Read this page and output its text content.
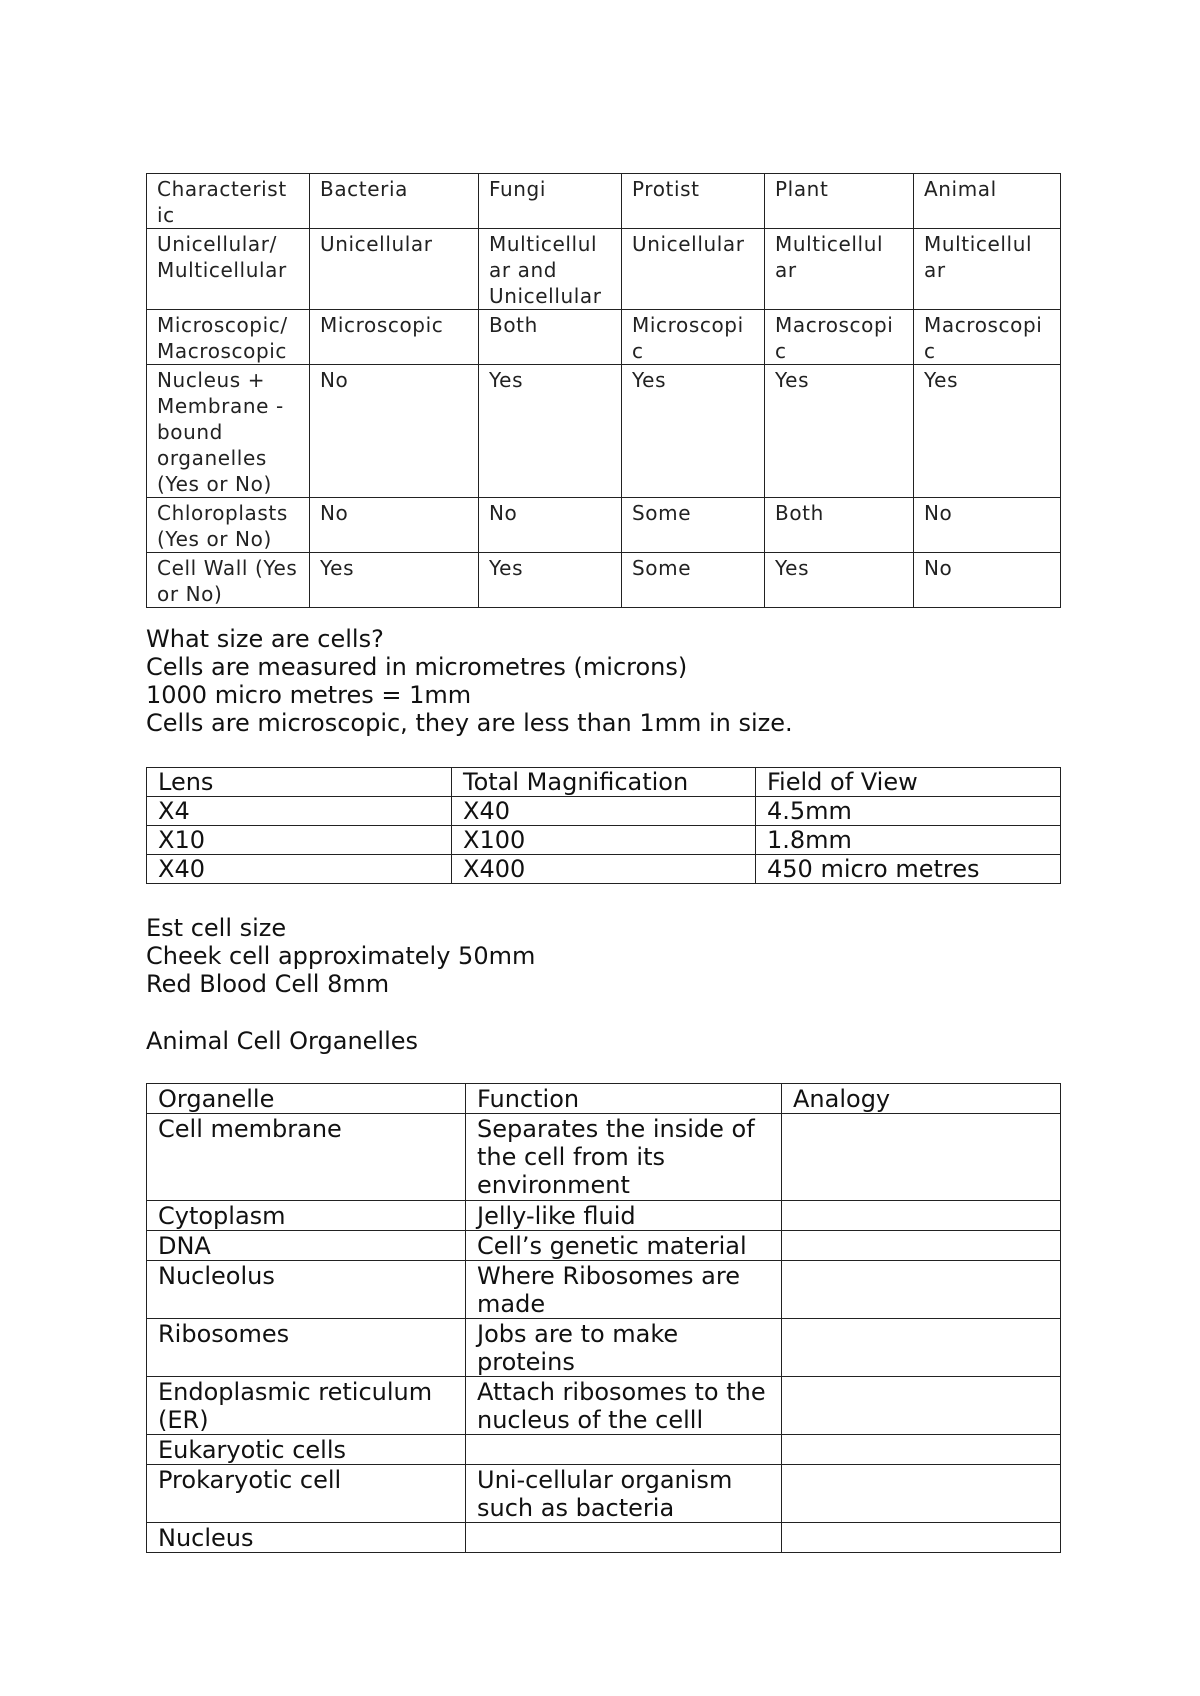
Characterist ic	Bacteria	Fungi	Protist	Plant	Animal
Unicellular/ Multicellular	Unicellular	Multicellul ar and Unicellular	Unicellular	Multicellul ar	Multicellul ar
Microscopic/ Macroscopic	Microscopic	Both	Microscopi c	Macroscopi c	Macroscopi c
Nucleus + Membrane - bound organelles (Yes or No)	No	Yes	Yes	Yes	Yes
Chloroplasts (Yes or No)	No	No	Some	Both	No
Cell Wall (Yes or No)	Yes	Yes	Some	Yes	No
What size are cells?
Cells are measured in micrometres (microns)
1000 micro metres = 1mm
Cells are microscopic, they are less than 1mm in size.
Lens	Total Magnification	Field of View
X4	X40	4.5mm
X10	X100	1.8mm
X40	X400	450 micro metres
Est cell size
Cheek cell approximately 50mm
Red Blood Cell 8mm
Animal Cell Organelles
Organelle	Function	Analogy
Cell membrane	Separates the inside of the cell from its environment	
Cytoplasm	Jelly-like fluid	
DNA	Cell’s genetic material	
Nucleolus	Where Ribosomes are made	
Ribosomes	Jobs are to make proteins	
Endoplasmic reticulum (ER)	Attach ribosomes to the nucleus of the celll	
Eukaryotic cells		
Prokaryotic cell	Uni-cellular organism such as bacteria	
Nucleus		
